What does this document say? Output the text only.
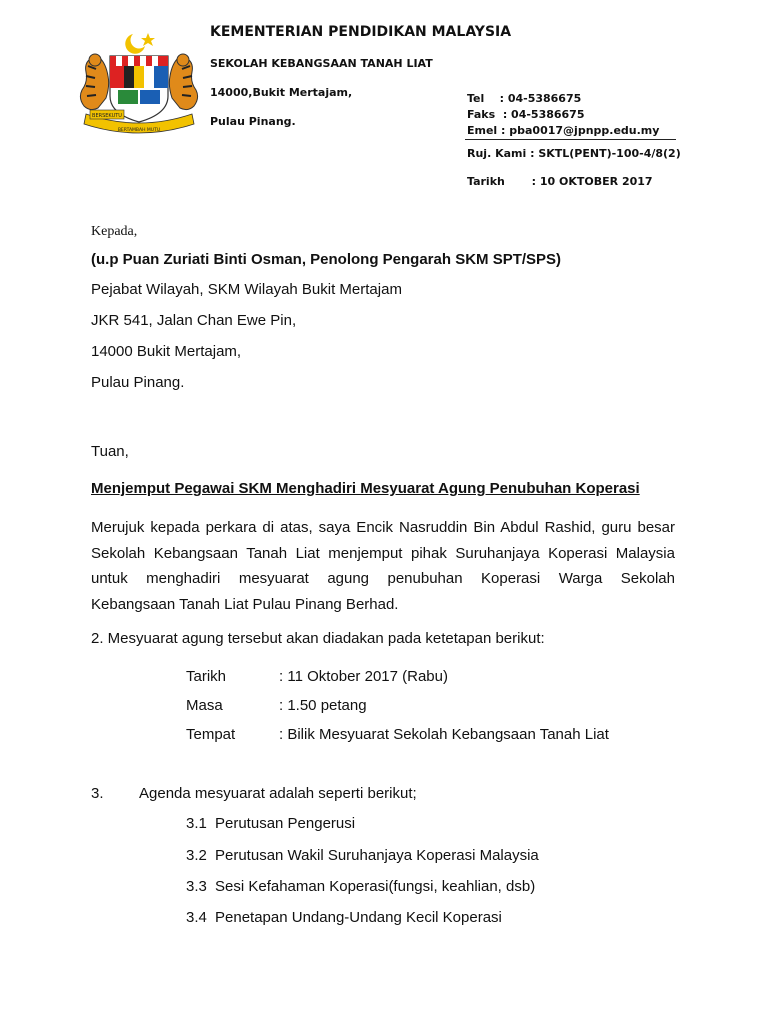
BERSEKUTU
BERTAMBAH MUTU
KEMENTERIAN PENDIDIKAN MALAYSIA
SEKOLAH KEBANGSAAN TANAH LIAT
14000,Bukit Mertajam,
Pulau Pinang.
Tel    : 04-5386675
Faks  : 04-5386675
Emel : pba0017@jpnpp.edu.my
Ruj. Kami : SKTL(PENT)-100-4/8(2)
Tarikh       : 10 OKTOBER 2017
Kepada,
(u.p Puan Zuriati Binti Osman, Penolong Pengarah SKM SPT/SPS)
Pejabat Wilayah, SKM Wilayah Bukit Mertajam
JKR 541, Jalan Chan Ewe Pin,
14000 Bukit Mertajam,
Pulau Pinang.
Tuan,
Menjemput Pegawai SKM Menghadiri Mesyuarat Agung Penubuhan Koperasi
Merujuk kepada perkara di atas, saya Encik Nasruddin Bin Abdul Rashid, guru besar Sekolah Kebangsaan Tanah Liat menjemput pihak Suruhanjaya Koperasi Malaysia untuk menghadiri mesyuarat agung penubuhan Koperasi Warga Sekolah
Kebangsaan Tanah Liat Pulau Pinang Berhad.
2. Mesyuarat agung tersebut akan diadakan pada ketetapan berikut:
Tarikh	: 11 Oktober 2017 (Rabu)
Masa	: 1.50 petang
Tempat	: Bilik Mesyuarat Sekolah Kebangsaan Tanah Liat
3. Agenda mesyuarat adalah seperti berikut;
3.1 Perutusan Pengerusi
3.2 Perutusan Wakil Suruhanjaya Koperasi Malaysia
3.3 Sesi Kefahaman Koperasi(fungsi, keahlian, dsb)
3.4 Penetapan Undang-Undang Kecil Koperasi
